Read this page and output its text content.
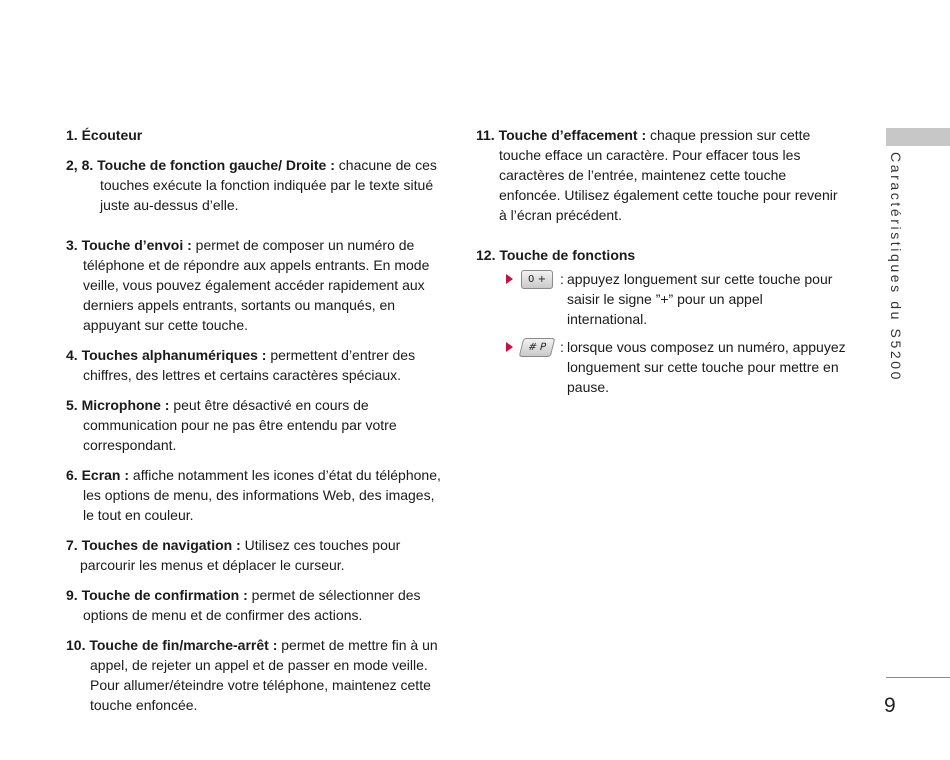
1. Écouteur

2, 8. Touche de fonction gauche/ Droite : chacune de ces touches exécute la fonction indiquée par le texte situé juste au-dessus d’elle.

3. Touche d’envoi : permet de composer un numéro de téléphone et de répondre aux appels entrants. En mode veille, vous pouvez également accéder rapidement aux derniers appels entrants, sortants ou manqués, en appuyant sur cette touche.

4. Touches alphanumériques : permettent d’entrer des chiffres, des lettres et certains caractères spéciaux.

5. Microphone : peut être désactivé en cours de communication pour ne pas être entendu par votre correspondant.

6. Ecran : affiche notamment les icones d’état du téléphone, les options de menu, des informations Web, des images, le tout en couleur.

7. Touches de navigation : Utilisez ces touches pour parcourir les menus et déplacer le curseur.

9. Touche de confirmation : permet de sélectionner des options de menu et de confirmer des actions.

10. Touche de fin/marche-arrêt : permet de mettre fin à un appel, de rejeter un appel et de passer en mode veille. Pour allumer/éteindre votre téléphone, maintenez cette touche enfoncée.

11. Touche d’effacement : chaque pression sur cette touche efface un caractère. Pour effacer tous les caractères de l’entrée, maintenez cette touche enfoncée. Utilisez également cette touche pour revenir à l’écran précédent.

12. Touche de fonctions

0 +	: appuyez longuement sur cette touche pour saisir le signe ”+” pour un appel international.
# P : lorsque vous composez un numéro, appuyez longuement sur cette touche pour mettre en pause.
Caractéristiques du S5200
9
